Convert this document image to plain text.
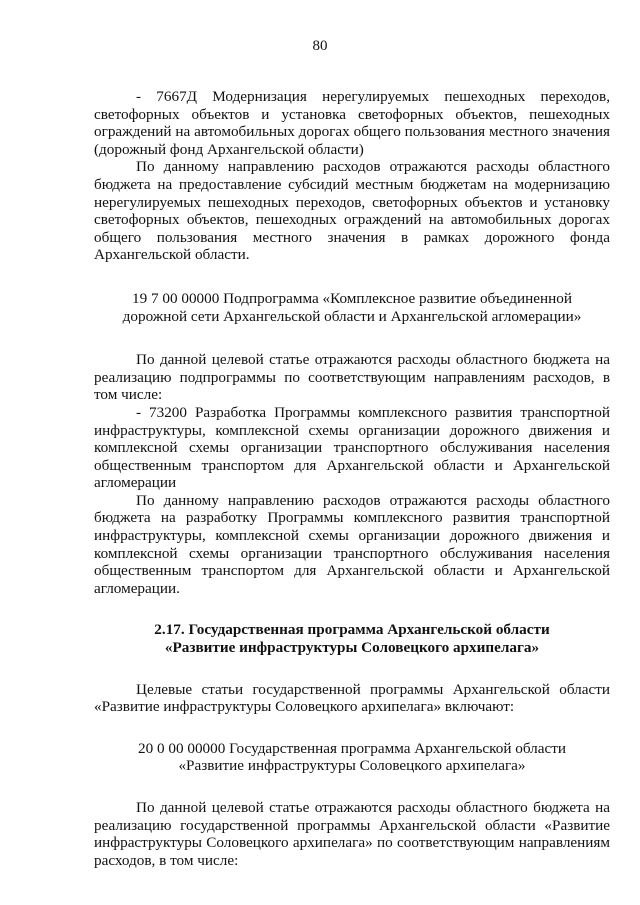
80

- 7667Д Модернизация нерегулируемых пешеходных переходов, светофорных объектов и установка светофорных объектов, пешеходных ограждений на автомобильных дорогах общего пользования местного значения (дорожный фонд Архангельской области)

По данному направлению расходов отражаются расходы областного бюджета на предоставление субсидий местным бюджетам на модернизацию нерегулируемых пешеходных переходов, светофорных объектов и установку светофорных объектов, пешеходных ограждений на автомобильных дорогах общего пользования местного значения в рамках дорожного фонда Архангельской области.

19 7 00 00000 Подпрограмма «Комплексное развитие объединенной

дорожной сети Архангельской области и Архангельской агломерации»

По данной целевой статье отражаются расходы областного бюджета на реализацию подпрограммы по соответствующим направлениям расходов, в том числе:

- 73200 Разработка Программы комплексного развития транспортной инфраструктуры, комплексной схемы организации дорожного движения и комплексной схемы организации транспортного обслуживания населения общественным транспортом для Архангельской области и Архангельской агломерации

По данному направлению расходов отражаются расходы областного бюджета на разработку Программы комплексного развития транспортной инфраструктуры, комплексной схемы организации дорожного движения и комплексной схемы организации транспортного обслуживания населения общественным транспортом для Архангельской области и Архангельской агломерации.

2.17. Государственная программа Архангельской области

«Развитие инфраструктуры Соловецкого архипелага»

Целевые статьи государственной программы Архангельской области «Развитие инфраструктуры Соловецкого архипелага» включают:

20 0 00 00000 Государственная программа Архангельской области

«Развитие инфраструктуры Соловецкого архипелага»

По данной целевой статье отражаются расходы областного бюджета на реализацию государственной программы Архангельской области «Развитие инфраструктуры Соловецкого архипелага» по соответствующим направлениям расходов, в том числе:
